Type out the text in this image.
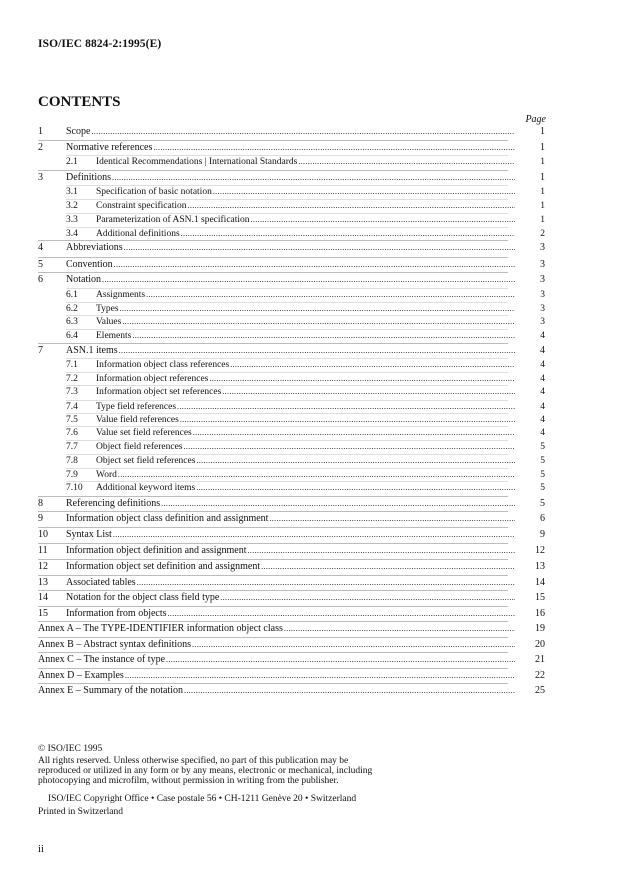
ISO/IEC 8824-2:1995(E)
CONTENTS
Page
1	Scope .....	1
2	Normative references .....	1
2.1	Identical Recommendations | International Standards .....	1
3	Definitions .....	1
3.1	Specification of basic notation .....	1
3.2	Constraint specification .....	1
3.3	Parameterization of ASN.1 specification .....	1
3.4	Additional definitions .....	2
4	Abbreviations .....	3
5	Convention .....	3
6	Notation .....	3
6.1	Assignments .....	3
6.2	Types .....	3
6.3	Values .....	3
6.4	Elements .....	4
7	ASN.1 items .....	4
7.1	Information object class references .....	4
7.2	Information object references .....	4
7.3	Information object set references .....	4
7.4	Type field references .....	4
7.5	Value field references .....	4
7.6	Value set field references .....	4
7.7	Object field references .....	5
7.8	Object set field references .....	5
7.9	Word .....	5
7.10	Additional keyword items .....	5
8	Referencing definitions .....	5
9	Information object class definition and assignment .....	6
10	Syntax List .....	9
11	Information object definition and assignment .....	12
12	Information object set definition and assignment .....	13
13	Associated tables .....	14
14	Notation for the object class field type .....	15
15	Information from objects .....	16
Annex A – The TYPE-IDENTIFIER information object class .....	19
Annex B – Abstract syntax definitions .....	20
Annex C – The instance of type .....	21
Annex D – Examples .....	22
Annex E – Summary of the notation .....	25
© ISO/IEC 1995
All rights reserved. Unless otherwise specified, no part of this publication may be
reproduced or utilized in any form or by any means, electronic or mechanical, including
photocopying and microfilm, without permission in writing from the publisher.
ISO/IEC Copyright Office • Case postale 56 • CH-1211 Genève 20 • Switzerland
Printed in Switzerland
ii
